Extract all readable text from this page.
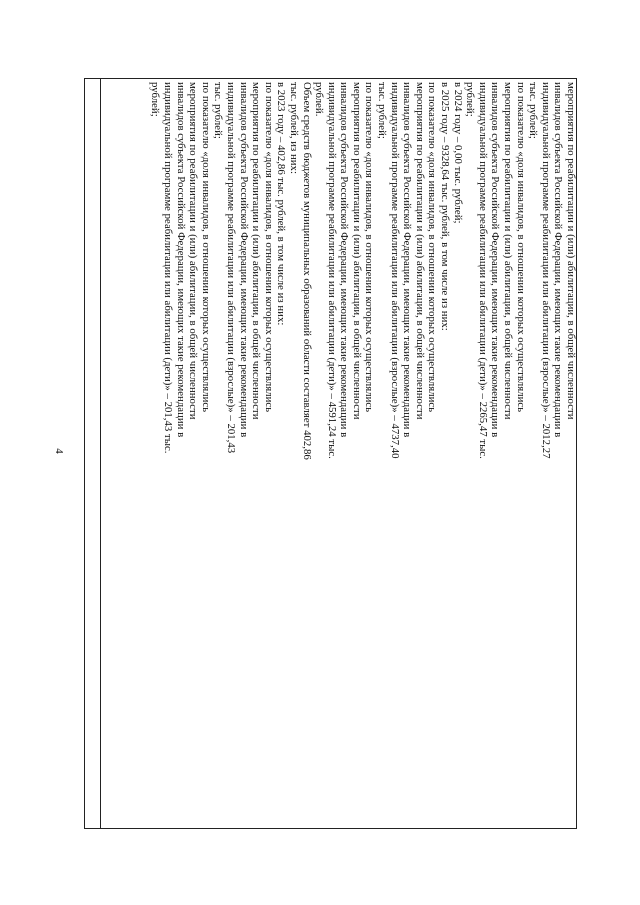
4

мероприятия по реабилитации и (или) абилитации, в общей численности

инвалидов субъекта Российской Федерации, имеющих такие рекомендации в

индивидуальной программе реабилитации или абилитации (взрослые)» – 2012,27

тыс. рублей;

по показателю «доля инвалидов, в отношении которых осуществлялись

мероприятия по реабилитации и (или) абилитации, в общей численности

инвалидов субъекта Российской Федерации, имеющих такие рекомендации в

индивидуальной программе реабилитации или абилитации (дети)» – 2265,47 тыс.

рублей;

в 2024 году – 0,00 тыс. рублей;

в 2025 году – 9328,64 тыс. рублей, в том числе из них:

по показателю «доля инвалидов, в отношении которых осуществлялись

мероприятия по реабилитации и (или) абилитации, в общей численности

инвалидов субъекта Российской Федерации, имеющих такие рекомендации в

индивидуальной программе реабилитации или абилитации (взрослые)» – 4737,40

тыс. рублей;

по показателю «доля инвалидов, в отношении которых осуществлялись

мероприятия по реабилитации и (или) абилитации, в общей численности

инвалидов субъекта Российской Федерации, имеющих такие рекомендации в

индивидуальной программе реабилитации или абилитации (дети)» – 4591,24 тыс.

рублей.

Объем средств бюджетов муниципальных образований области составляет 402,86

тыс. рублей, из них:

в 2023 году – 402,86 тыс. рублей, в том числе из них:

по показателю «доля инвалидов, в отношении которых осуществлялись

мероприятия по реабилитации и (или) абилитации, в общей численности

инвалидов субъекта Российской Федерации, имеющих такие рекомендации в

индивидуальной программе реабилитации или абилитации (взрослые)» – 201,43

тыс. рублей;

по показателю «доля инвалидов, в отношении которых осуществлялись

мероприятия по реабилитации и (или) абилитации, в общей численности

инвалидов субъекта Российской Федерации, имеющих такие рекомендации в

индивидуальной программе реабилитации или абилитации (дети)» – 201,43 тыс.

рублей;
